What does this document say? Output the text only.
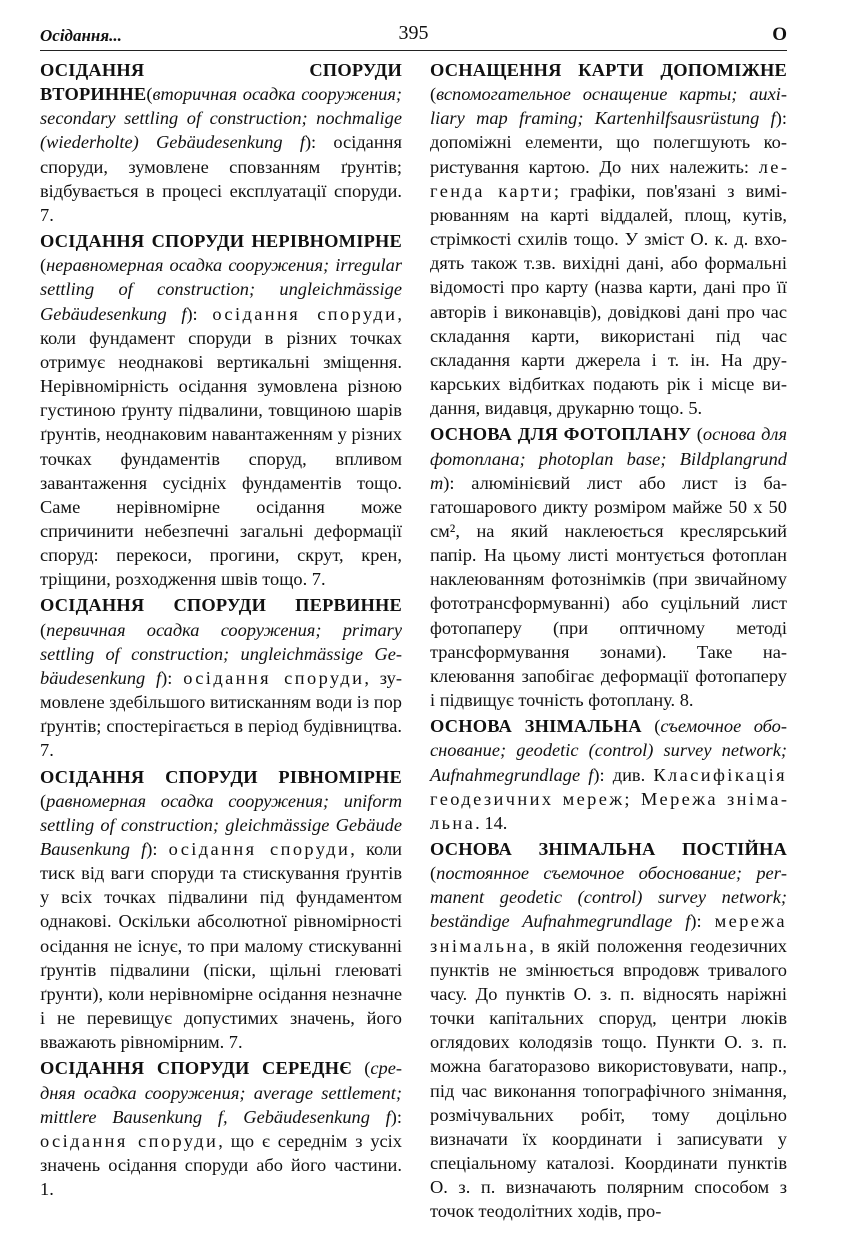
Осідання...	395	О

ОСІДАННЯ СПОРУДИ ВТОРИННЕ(вторичная осадка сооружения; secondary settling of construction; nochmalige (wiederholte) Gebäudesenkung f): осідання споруди, зумовлене сповзанням ґрунтів; відбувається в процесі експлуатації споруди. 7.

ОСІДАННЯ СПОРУДИ НЕРІВНОМІРНЕ (неравномерная осадка сооружения; irregular settling of construction; ungleichmässige Gebäudesenkung f): осідання споруди, коли фундамент споруди в різних точках отримує неоднакові вертикальні зміщення. Нерівномірність осідання зумовлена різною густиною ґрунту підвалини, товщиною шарів ґрунтів, неоднаковим навантаженням у різних точках фундаментів споруд, впливом завантаження сусідніх фундаментів тощо. Саме нерівномірне осідання може спричинити небезпечні загальні деформації споруд: перекоси, прогини, скрут, крен, тріщини, розходження швів тощо. 7.

ОСІДАННЯ СПОРУДИ ПЕРВИННЕ (первичная осадка сооружения; primary settling of construction; ungleichmässige Gebäudesenkung f): осідання споруди, зумовлене здебільшого витисканням води із пор ґрунтів; спостерігається в період будівництва. 7.

ОСІДАННЯ СПОРУДИ РІВНОМІРНЕ (равномерная осадка сооружения; uniform settling of construction; gleichmässige Gebäude Bausenkung f): осідання споруди, коли тиск від ваги споруди та стискування ґрунтів у всіх точках підвалини під фундаментом однакові. Оскільки абсолютної рівномірності осідання не існує, то при малому стискуванні ґрунтів підвалини (піски, щільні глеюваті ґрунти), коли нерівномірне осідання незначне і не перевищує допустимих значень, його вважають рівномірним. 7.

ОСІДАННЯ СПОРУДИ СЕРЕДНЄ (средняя осадка сооружения; average settlement; mittlere Bausenkung f, Gebäudesenkung f): осідання споруди, що є середнім з усіх значень осідання споруди або його частини. 1.

ОСНАЩЕННЯ КАРТИ ДОПОМІЖНЕ (вспомогательное оснащение карты; auxiliary map framing; Kartenhilfsausrüstung f): допоміжні елементи, що полегшують користування картою. До них належить: легенда карти; графіки, пов'язані з вимірюванням на карті віддалей, площ, кутів, стрімкості схилів тощо. У зміст О. к. д. входять також т.зв. вихідні дані, або формальні відомості про карту (назва карти, дані про її авторів і виконавців), довідкові дані про час складання карти, використані під час складання карти джерела і т. ін. На друкарських відбитках подають рік і місце видання, видавця, друкарню тощо. 5.

ОСНОВА ДЛЯ ФОТОПЛАНУ (основа для фотоплана; photoplan base; Bildplangrund m): алюмінієвий лист або лист із багатошарового дикту розміром майже 50 x 50 см², на який наклеюється креслярський папір. На цьому листі монтується фотоплан наклеюванням фотознімків (при звичайному фототрансформуванні) або суцільний лист фотопаперу (при оптичному методі трансформування зонами). Таке наклеювання запобігає деформації фотопаперу і підвищує точність фотоплану. 8.

ОСНОВА ЗНІМАЛЬНА (съемочное обоснование; geodetic (control) survey network; Aufnahmegrundlage f): див. Класифікація геодезичних мереж; Мережа знімальна. 14.

ОСНОВА ЗНІМАЛЬНА ПОСТІЙНА (постоянное съемочное обоснование; permanent geodetic (control) survey network; beständige Aufnahmegrundlage f): мережа знімальна, в якій положення геодезичних пунктів не змінюється впродовж тривалого часу. До пунктів О. з. п. відносять наріжні точки капітальних споруд, центри люків оглядових колодязів тощо. Пункти О. з. п. можна багаторазово використовувати, напр., під час виконання топографічного знімання, розмічувальних робіт, тому доцільно визначати їх координати і записувати у спеціальному каталозі. Координати пунктів О. з. п. визначають полярним способом з точок теодолітних ходів, про-
